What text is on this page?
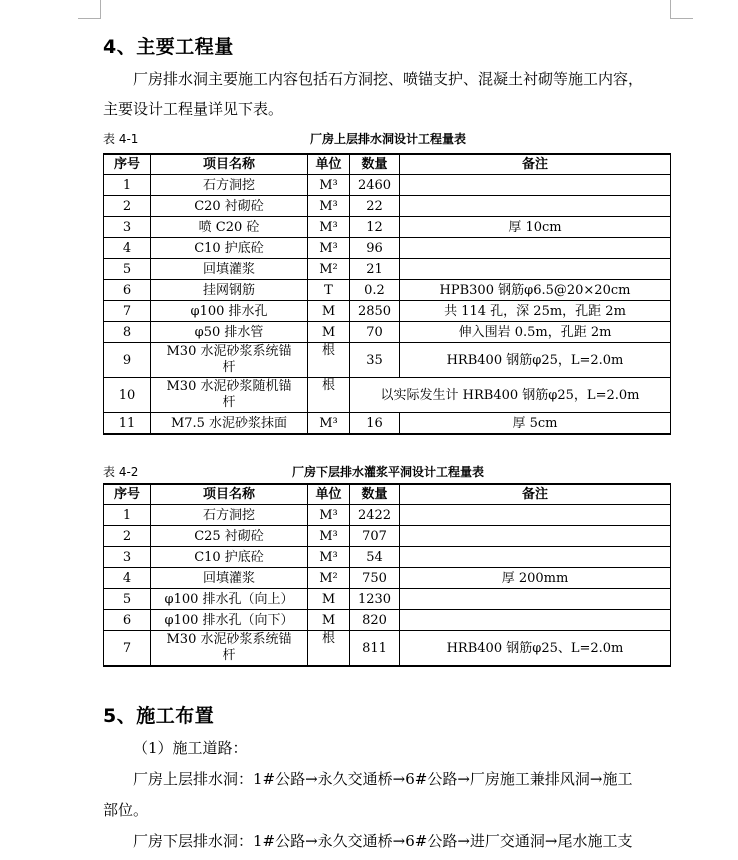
4、主要工程量

厂房排水洞主要施工内容包括石方洞挖、喷锚支护、混凝土衬砌等施工内容，

主要设计工程量详见下表。

表 4-1	厂房上层排水洞设计工程量表
序号	项目名称	单位	数量	备注
1	石方洞挖	M³	2460	
2	C20 衬砌砼	M³	22	
3	喷 C20 砼	M³	12	厚 10cm
4	C10 护底砼	M³	96	
5	回填灌浆	M²	21	
6	挂网钢筋	T	0.2	HPB300 钢筋φ6.5@20×20cm
7	φ100 排水孔	M	2850	共 114 孔，深 25m，孔距 2m
8	φ50 排水管	M	70	伸入围岩 0.5m，孔距 2m
9	M30 水泥砂浆系统锚
杆	根	35	HRB400 钢筋φ25，L=2.0m
10	M30 水泥砂浆随机锚
杆	根	以实际发生计 HRB400 钢筋φ25，L=2.0m	
11	M7.5 水泥砂浆抹面	M³	16	厚 5cm
表 4-2	厂房下层排水灌浆平洞设计工程量表
序号	项目名称	单位	数量	备注
1	石方洞挖	M³	2422	
2	C25 衬砌砼	M³	707	
3	C10 护底砼	M³	54	
4	回填灌浆	M²	750	厚 200mm
5	φ100 排水孔（向上）	M	1230	
6	φ100 排水孔（向下）	M	820	
7	M30 水泥砂浆系统锚
杆	根	811	HRB400 钢筋φ25、L=2.0m
5、施工布置

（1）施工道路：

厂房上层排水洞：1#公路→永久交通桥→6#公路→厂房施工兼排风洞→施工

部位。

厂房下层排水洞：1#公路→永久交通桥→6#公路→进厂交通洞→尾水施工支
